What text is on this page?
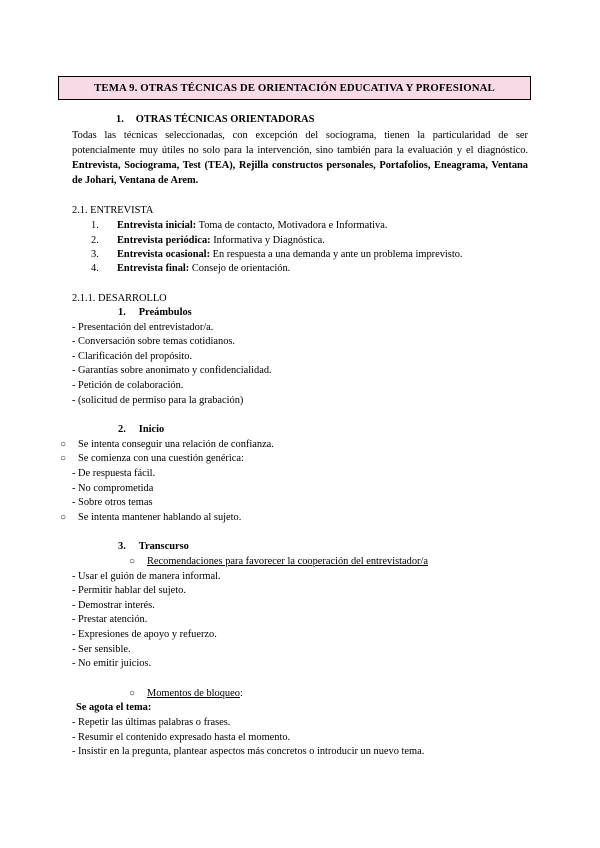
TEMA 9. OTRAS TÉCNICAS DE ORIENTACIÓN EDUCATIVA Y PROFESIONAL
1. OTRAS TÉCNICAS ORIENTADORAS
Todas las técnicas seleccionadas, con excepción del sociograma, tienen la particularidad de ser potencialmente muy útiles no solo para la intervención, sino también para la evaluación y el diagnóstico. Entrevista, Sociograma, Test (TEA), Rejilla constructos personales, Portafolios, Eneagrama, Ventana de Johari, Ventana de Arem.
2.1. ENTREVISTA
1. Entrevista inicial: Toma de contacto, Motivadora e Informativa.
2. Entrevista periódica: Informativa y Diagnóstica.
3. Entrevista ocasional: En respuesta a una demanda y ante un problema imprevisto.
4. Entrevista final: Consejo de orientación.
2.1.1. DESARROLLO
1. Preámbulos
- Presentación del entrevistador/a.
- Conversación sobre temas cotidianos.
- Clarificación del propósito.
- Garantías sobre anonimato y confidencialidad.
- Petición de colaboración.
- (solicitud de permiso para la grabación)
2. Inicio
○ Se intenta conseguir una relación de confianza.
○ Se comienza con una cuestión genérica:
- De respuesta fácil.
- No comprometida
- Sobre otros temas
○ Se intenta mantener hablando al sujeto.
3. Transcurso
○ Recomendaciones para favorecer la cooperación del entrevistador/a
- Usar el guión de manera informal.
- Permitir hablar del sujeto.
- Demostrar interés.
- Prestar atención.
- Expresiones de apoyo y refuerzo.
- Ser sensible.
- No emitir juicios.
○ Momentos de bloqueo:
Se agota el tema:
- Repetir las últimas palabras o frases.
- Resumir el contenido expresado hasta el momento.
- Insistir en la pregunta, plantear aspectos más concretos o introducir un nuevo tema.
